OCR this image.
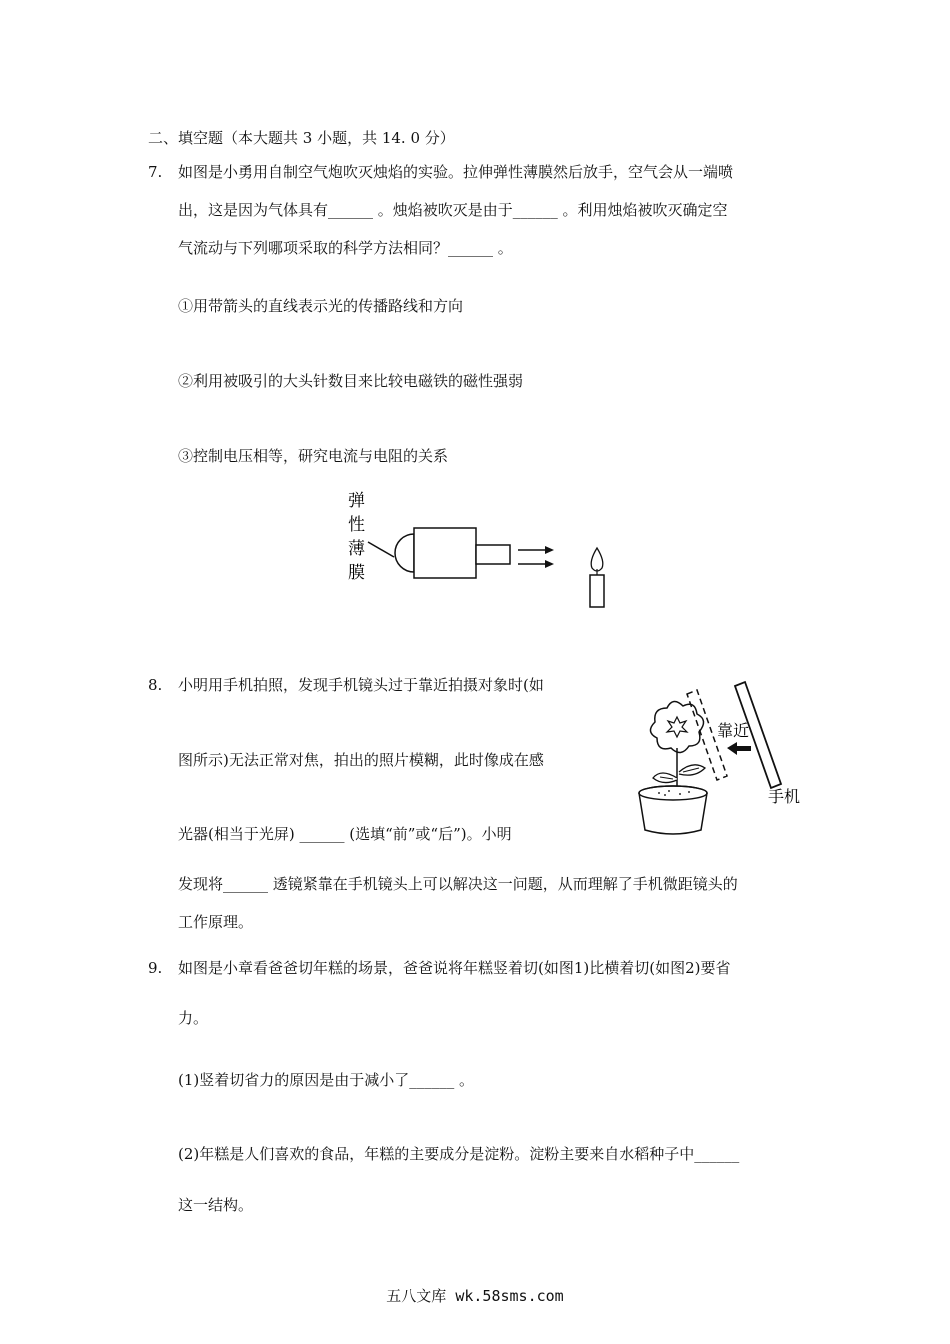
二、填空题（本大题共 3 小题，共 14. 0 分）
7. 如图是小勇用自制空气炮吹灭烛焰的实验。拉伸弹性薄膜然后放手，空气会从一端喷
出，这是因为气体具有______ 。烛焰被吹灭是由于______ 。利用烛焰被吹灭确定空
气流动与下列哪项采取的科学方法相同？______ 。
①用带箭头的直线表示光的传播路线和方向
②利用被吸引的大头针数目来比较电磁铁的磁性强弱
③控制电压相等，研究电流与电阻的关系
弹
性
薄
膜
8. 小明用手机拍照，发现手机镜头过于靠近拍摄对象时(如
图所示)无法正常对焦，拍出的照片模糊，此时像成在感
光器(相当于光屏) ______ (选填“前”或“后”)。小明
发现将______ 透镜紧靠在手机镜头上可以解决这一问题，从而理解了手机微距镜头的
工作原理。
靠近
手机
9. 如图是小章看爸爸切年糕的场景，爸爸说将年糕竖着切(如图1)比横着切(如图2)要省
力。
(1)竖着切省力的原因是由于减小了______ 。
(2)年糕是人们喜欢的食品，年糕的主要成分是淀粉。淀粉主要来自水稻种子中______
这一结构。
五八文库 wk.58sms.com
